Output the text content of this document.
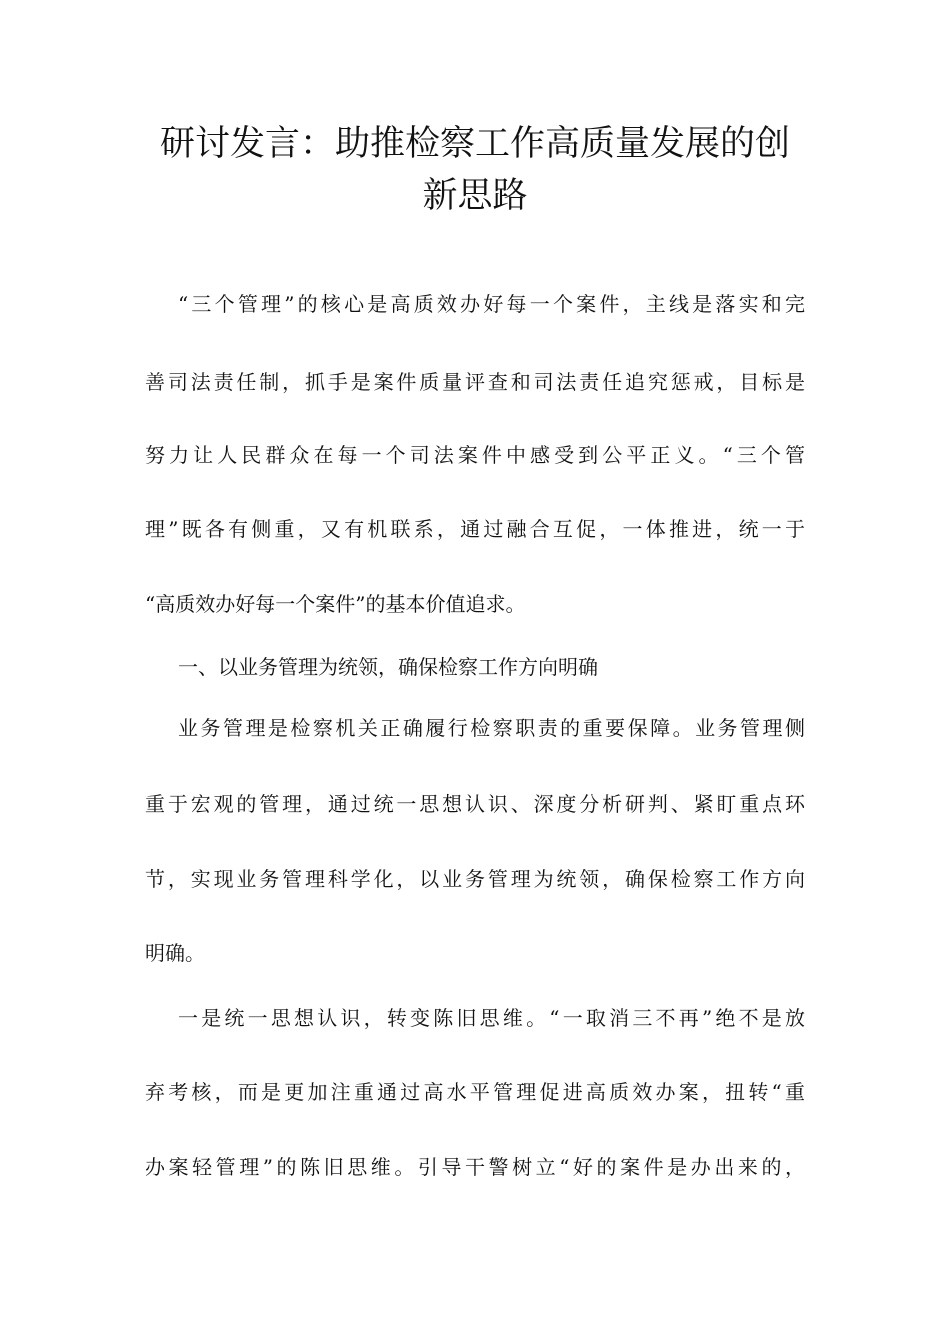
研讨发言：助推检察工作高质量发展的创
新思路
“三个管理”的核心是高质效办好每一个案件，主线是落实和完
善司法责任制，抓手是案件质量评查和司法责任追究惩戒，目标是
努力让人民群众在每一个司法案件中感受到公平正义。“三个管
理”既各有侧重，又有机联系，通过融合互促，一体推进，统一于
“高质效办好每一个案件”的基本价值追求。
一、以业务管理为统领，确保检察工作方向明确
业务管理是检察机关正确履行检察职责的重要保障。业务管理侧
重于宏观的管理，通过统一思想认识、深度分析研判、紧盯重点环
节，实现业务管理科学化，以业务管理为统领，确保检察工作方向
明确。
一是统一思想认识，转变陈旧思维。“一取消三不再”绝不是放
弃考核，而是更加注重通过高水平管理促进高质效办案，扭转“重
办案轻管理”的陈旧思维。引导干警树立“好的案件是办出来的，
